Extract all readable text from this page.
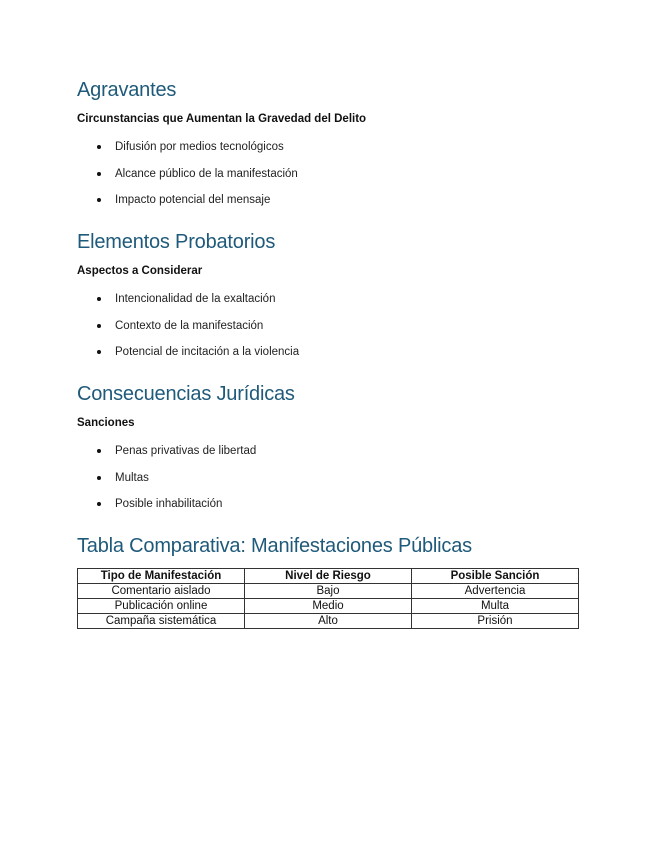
Agravantes
Circunstancias que Aumentan la Gravedad del Delito
Difusión por medios tecnológicos
Alcance público de la manifestación
Impacto potencial del mensaje
Elementos Probatorios
Aspectos a Considerar
Intencionalidad de la exaltación
Contexto de la manifestación
Potencial de incitación a la violencia
Consecuencias Jurídicas
Sanciones
Penas privativas de libertad
Multas
Posible inhabilitación
Tabla Comparativa: Manifestaciones Públicas
Tipo de Manifestación	Nivel de Riesgo	Posible Sanción
Comentario aislado	Bajo	Advertencia
Publicación online	Medio	Multa
Campaña sistemática	Alto	Prisión
